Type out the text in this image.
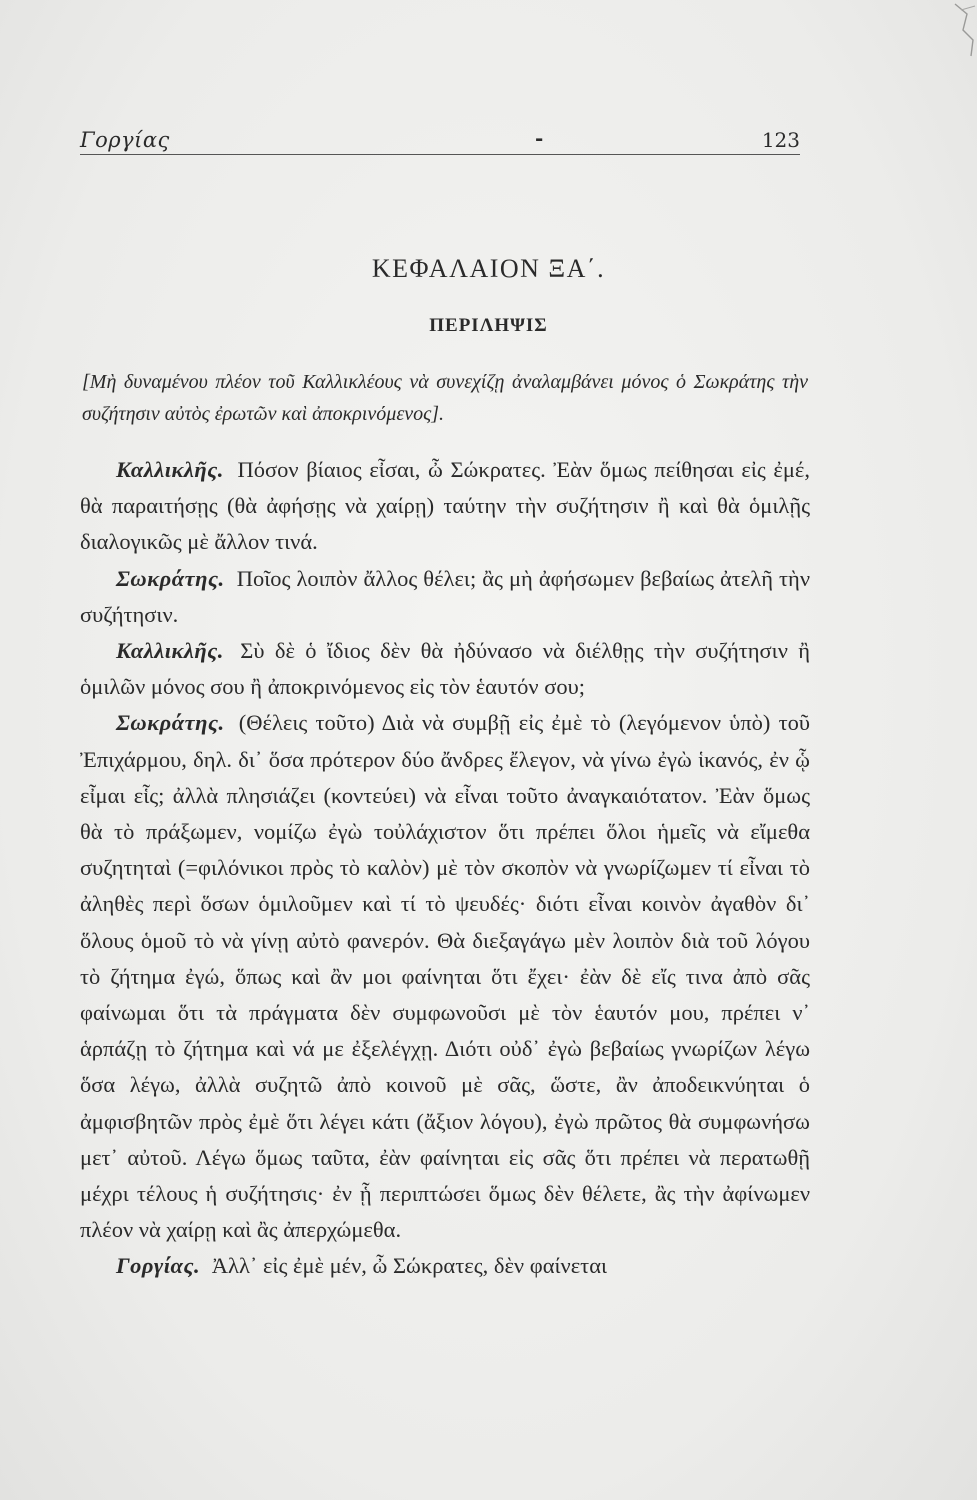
Γοργίας	-	123
ΚΕΦΑΛΑΙΟΝ ΞΑ΄.
ΠΕΡΙΛΗΨΙΣ
[Μὴ δυναμένου πλέον τοῦ Καλλικλέους νὰ συνεχίζῃ ἀναλαμβάνει μόνος ὁ Σωκράτης τὴν συζήτησιν αὐτὸς ἐρωτῶν καὶ ἀποκρινόμενος].

Καλλικλῆς. Πόσον βίαιος εἶσαι, ὦ Σώκρατες. Ἐὰν ὅμως πείθησαι εἰς ἐμέ, θὰ παραιτήσῃς (θὰ ἀφήσῃς νὰ χαίρῃ) ταύτην τὴν συζήτησιν ἢ καὶ θὰ ὁμιλῇς διαλογικῶς μὲ ἄλλον τινά.

Σωκράτης. Ποῖος λοιπὸν ἄλλος θέλει; ἂς μὴ ἀφήσωμεν βεβαίως ἀτελῆ τὴν συζήτησιν.

Καλλικλῆς. Σὺ δὲ ὁ ἴδιος δὲν θὰ ἠδύνασο νὰ διέλθῃς τὴν συζήτησιν ἢ ὁμιλῶν μόνος σου ἢ ἀποκρινόμενος εἰς τὸν ἑαυτόν σου;

Σωκράτης. (Θέλεις τοῦτο) Διὰ νὰ συμβῇ εἰς ἐμὲ τὸ (λεγόμενον ὑπὸ) τοῦ Ἐπιχάρμου, δηλ. δι᾽ ὅσα πρότερον δύο ἄνδρες ἔλεγον, νὰ γίνω ἐγὼ ἱκανός, ἐν ᾧ εἶμαι εἷς; ἀλλὰ πλησιάζει (κοντεύει) νὰ εἶναι τοῦτο ἀναγκαιότατον. Ἐὰν ὅμως θὰ τὸ πράξωμεν, νομίζω ἐγὼ τοὐλάχιστον ὅτι πρέπει ὅλοι ἡμεῖς νὰ εἴμεθα συζητηταὶ (=φιλόνικοι πρὸς τὸ καλὸν) μὲ τὸν σκοπὸν νὰ γνωρίζωμεν τί εἶναι τὸ ἀληθὲς περὶ ὅσων ὁμιλοῦμεν καὶ τί τὸ ψευδές· διότι εἶναι κοινὸν ἀγαθὸν δι᾽ ὅλους ὁμοῦ τὸ νὰ γίνῃ αὐτὸ φανερόν. Θὰ διεξαγάγω μὲν λοιπὸν διὰ τοῦ λόγου τὸ ζήτημα ἐγώ, ὅπως καὶ ἂν μοι φαίνηται ὅτι ἔχει· ἐὰν δὲ εἴς τινα ἀπὸ σᾶς φαίνωμαι ὅτι τὰ πράγματα δὲν συμφωνοῦσι μὲ τὸν ἑαυτόν μου, πρέπει ν᾽ ἁρπάζῃ τὸ ζήτημα καὶ νά με ἐξελέγχῃ. Διότι οὐδ᾽ ἐγὼ βεβαίως γνωρίζων λέγω ὅσα λέγω, ἀλλὰ συζητῶ ἀπὸ κοινοῦ μὲ σᾶς, ὥστε, ἂν ἀποδεικνύηται ὁ ἀμφισβητῶν πρὸς ἐμὲ ὅτι λέγει κάτι (ἄξιον λόγου), ἐγὼ πρῶτος θὰ συμφωνήσω μετ᾽ αὐτοῦ. Λέγω ὅμως ταῦτα, ἐὰν φαίνηται εἰς σᾶς ὅτι πρέπει νὰ περατωθῇ μέχρι τέλους ἡ συζήτησις· ἐν ᾗ περιπτώσει ὅμως δὲν θέλετε, ἂς τὴν ἀφίνωμεν πλέον νὰ χαίρῃ καὶ ἂς ἀπερχώμεθα.

Γοργίας. Ἀλλ᾽ εἰς ἐμὲ μέν, ὦ Σώκρατες, δὲν φαίνεται
